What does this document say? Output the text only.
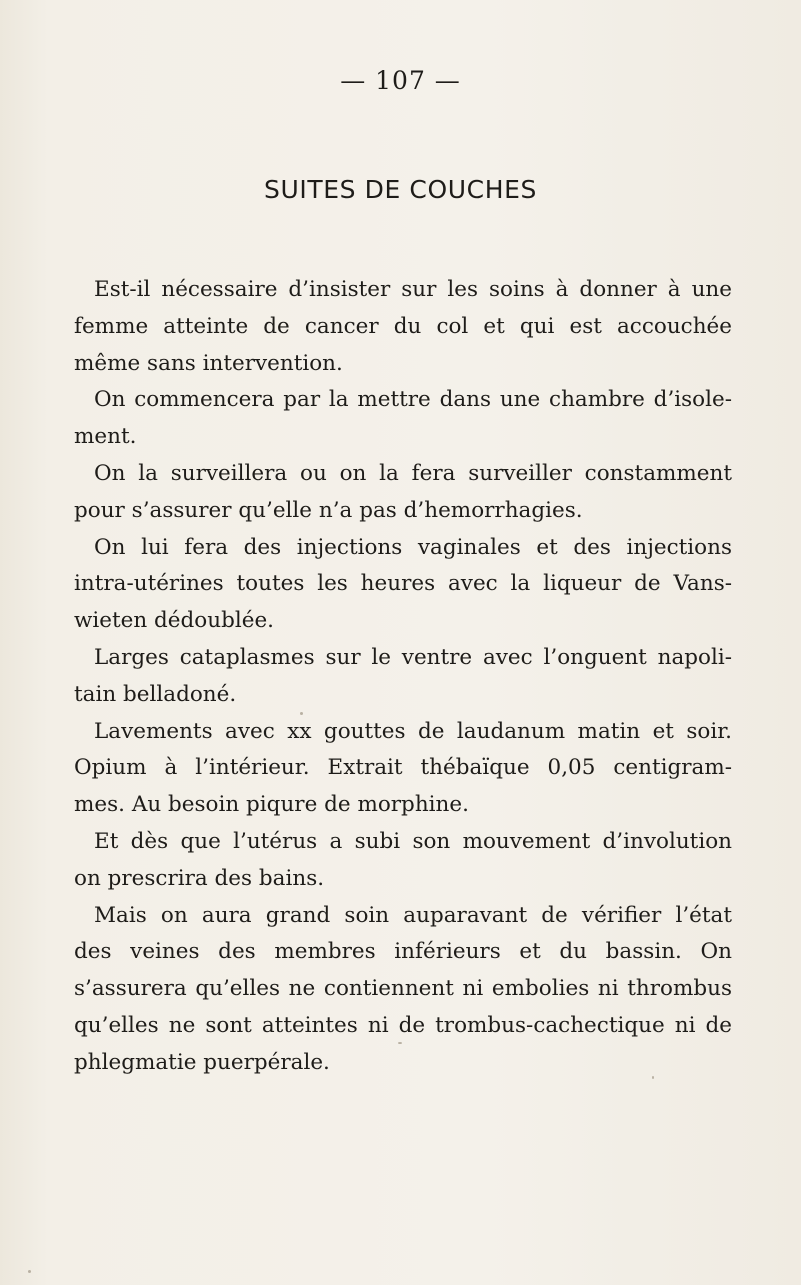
— 107 —
SUITES DE COUCHES
Est-il nécessaire d’insister sur les soins à donner à une
femme atteinte de cancer du col et qui est accouchée
même sans intervention.
On commencera par la mettre dans une chambre d’isole-
ment.
On la surveillera ou on la fera surveiller constamment
pour s’assurer qu’elle n’a pas d’hemorrhagies.
On lui fera des injections vaginales et des injections
intra-utérines toutes les heures avec la liqueur de Vans-
wieten dédoublée.
Larges cataplasmes sur le ventre avec l’onguent napoli-
tain belladoné.
Lavements avec xx gouttes de laudanum matin et soir.
Opium à l’intérieur. Extrait thébaïque 0,05 centigram-
mes. Au besoin piqure de morphine.
Et dès que l’utérus a subi son mouvement d’involution
on prescrira des bains.
Mais on aura grand soin auparavant de vérifier l’état
des veines des membres inférieurs et du bassin. On
s’assurera qu’elles ne contiennent ni embolies ni thrombus
qu’elles ne sont atteintes ni de trombus-cachectique ni de
phlegmatie puerpérale.
